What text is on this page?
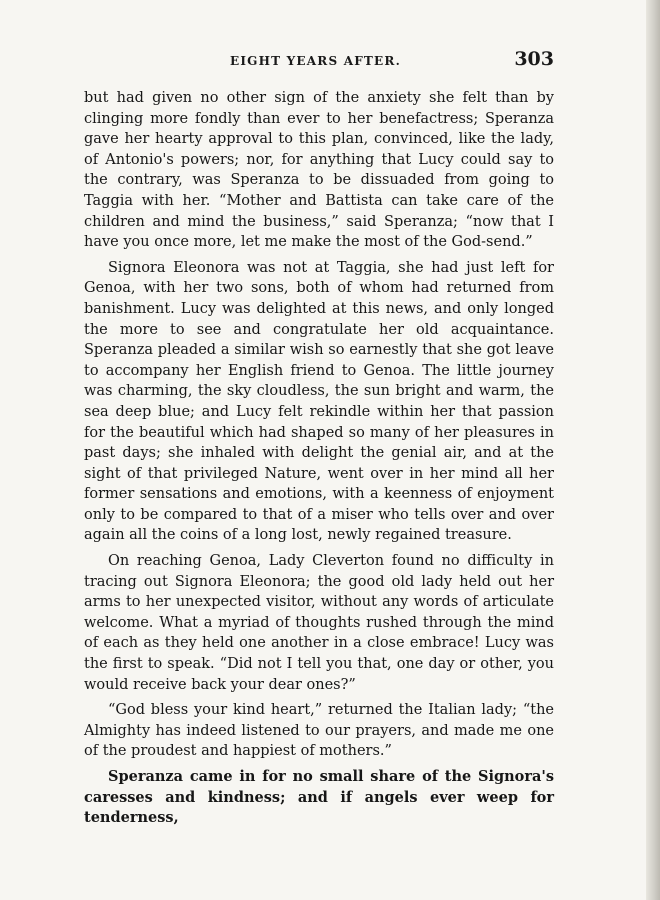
EIGHT YEARS AFTER.	303

but had given no other sign of the anxiety she felt than by clinging more fondly than ever to her benefactress; Speranza gave her hearty approval to this plan, convinced, like the lady, of Antonio's powers; nor, for anything that Lucy could say to the contrary, was Speranza to be dissuaded from going to Taggia with her. “Mother and Battista can take care of the children and mind the business,” said Speranza; “now that I have you once more, let me make the most of the God-send.”

Signora Eleonora was not at Taggia, she had just left for Genoa, with her two sons, both of whom had returned from banishment. Lucy was delighted at this news, and only longed the more to see and congratulate her old acquaintance. Speranza pleaded a similar wish so earnestly that she got leave to accompany her English friend to Genoa. The little journey was charming, the sky cloudless, the sun bright and warm, the sea deep blue; and Lucy felt rekindle within her that passion for the beautiful which had shaped so many of her pleasures in past days; she inhaled with delight the genial air, and at the sight of that privileged Nature, went over in her mind all her former sensations and emotions, with a keenness of enjoyment only to be compared to that of a miser who tells over and over again all the coins of a long lost, newly regained treasure.

On reaching Genoa, Lady Cleverton found no difficulty in tracing out Signora Eleonora; the good old lady held out her arms to her unexpected visitor, without any words of articulate welcome. What a myriad of thoughts rushed through the mind of each as they held one another in a close embrace! Lucy was the first to speak. “Did not I tell you that, one day or other, you would receive back your dear ones?”

“God bless your kind heart,” returned the Italian lady; “the Almighty has indeed listened to our prayers, and made me one of the proudest and happiest of mothers.”

Speranza came in for no small share of the Signora's caresses and kindness; and if angels ever weep for tenderness,
